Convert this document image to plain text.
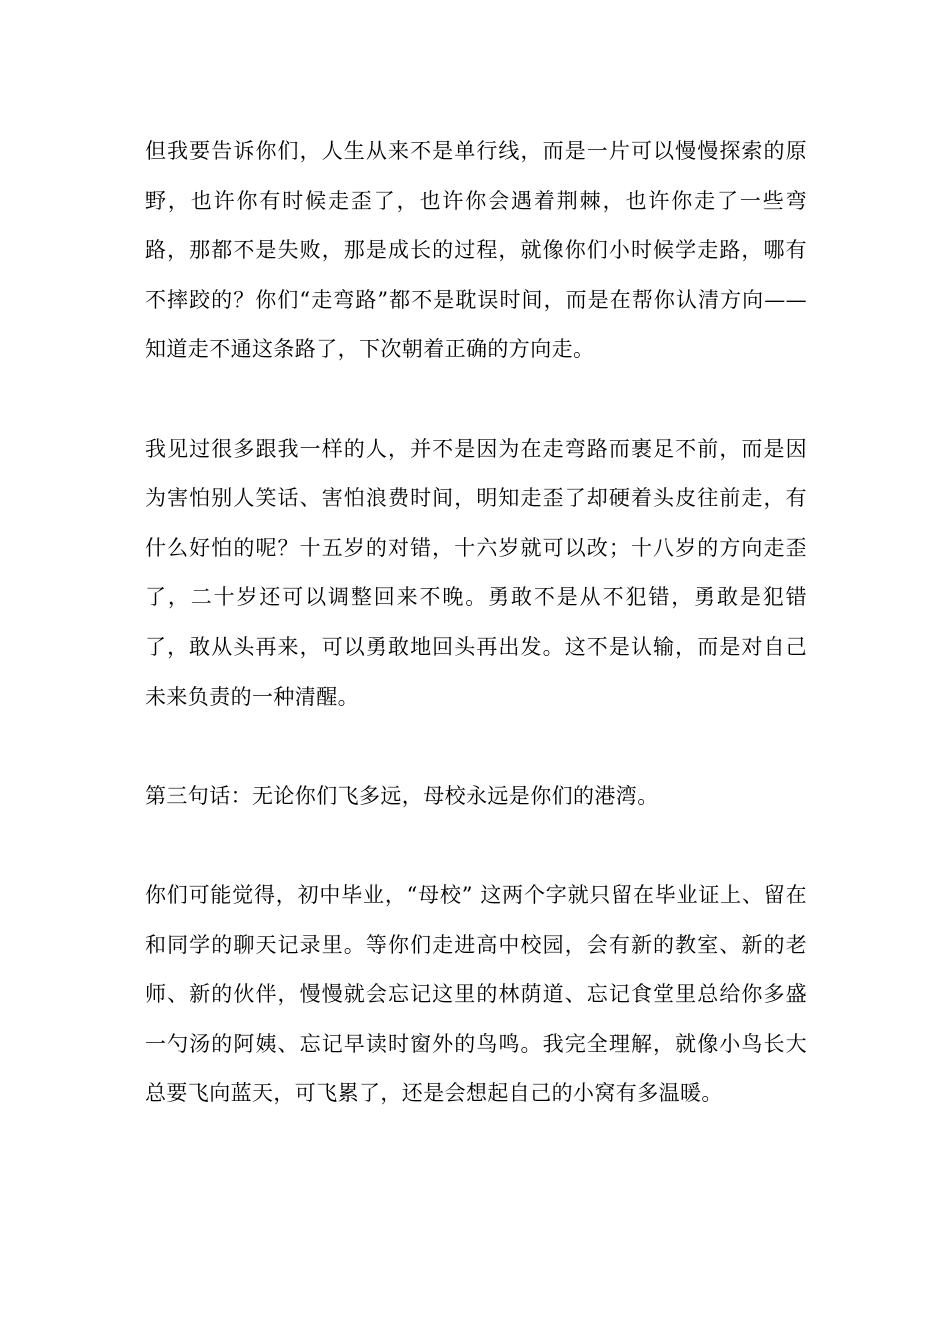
但我要告诉你们，人生从来不是单行线，而是一片可以慢慢探索的原野，也许你有时候走歪了，也许你会遇着荆棘，也许你走了一些弯路，那都不是失败，那是成长的过程，就像你们小时候学走路，哪有不摔跤的？你们“走弯路”都不是耽误时间，而是在帮你认清方向——知道走不通这条路了，下次朝着正确的方向走。

我见过很多跟我一样的人，并不是因为在走弯路而裹足不前，而是因为害怕别人笑话、害怕浪费时间，明知走歪了却硬着头皮往前走，有什么好怕的呢？十五岁的对错，十六岁就可以改；十八岁的方向走歪了，二十岁还可以调整回来不晚。勇敢不是从不犯错，勇敢是犯错了，敢从头再来，可以勇敢地回头再出发。这不是认输，而是对自己未来负责的一种清醒。

第三句话：无论你们飞多远，母校永远是你们的港湾。

你们可能觉得，初中毕业，“母校” 这两个字就只留在毕业证上、留在和同学的聊天记录里。等你们走进高中校园，会有新的教室、新的老师、新的伙伴，慢慢就会忘记这里的林荫道、忘记食堂里总给你多盛一勺汤的阿姨、忘记早读时窗外的鸟鸣。我完全理解，就像小鸟长大总要飞向蓝天，可飞累了，还是会想起自己的小窝有多温暖。
